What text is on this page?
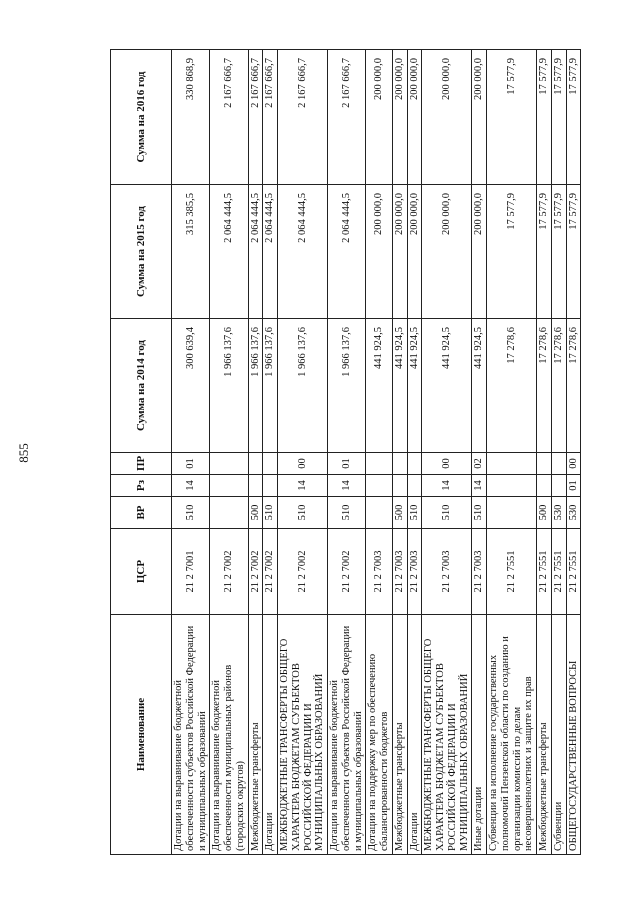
855
Наименование	ЦСР	ВР	Рз	ПР	Сумма на 2014 год	Сумма на 2015 год	Сумма на 2016 год
Дотации на выравнивание бюджетной обеспеченности субъектов Российской Федерации и муниципальных образований	21 2 7001	510	14	01	300 639,4	315 385,5	330 868,9
Дотации на выравнивание бюджетной обеспеченности муниципальных районов (городских округов)	21 2 7002				1 966 137,6	2 064 444,5	2 167 666,7
Межбюджетные трансферты	21 2 7002	500			1 966 137,6	2 064 444,5	2 167 666,7
Дотации	21 2 7002	510			1 966 137,6	2 064 444,5	2 167 666,7
МЕЖБЮДЖЕТНЫЕ ТРАНСФЕРТЫ ОБЩЕГО ХАРАКТЕРА БЮДЖЕТАМ СУБЪЕКТОВ РОССИЙСКОЙ ФЕДЕРАЦИИ И МУНИЦИПАЛЬНЫХ ОБРАЗОВАНИЙ	21 2 7002	510	14	00	1 966 137,6	2 064 444,5	2 167 666,7
Дотации на выравнивание бюджетной обеспеченности субъектов Российской Федерации и муниципальных образований	21 2 7002	510	14	01	1 966 137,6	2 064 444,5	2 167 666,7
Дотации на поддержку мер по обеспечению сбалансированности бюджетов	21 2 7003				441 924,5	200 000,0	200 000,0
Межбюджетные трансферты	21 2 7003	500			441 924,5	200 000,0	200 000,0
Дотации	21 2 7003	510			441 924,5	200 000,0	200 000,0
МЕЖБЮДЖЕТНЫЕ ТРАНСФЕРТЫ ОБЩЕГО ХАРАКТЕРА БЮДЖЕТАМ СУБЪЕКТОВ РОССИЙСКОЙ ФЕДЕРАЦИИ И МУНИЦИПАЛЬНЫХ ОБРАЗОВАНИЙ	21 2 7003	510	14	00	441 924,5	200 000,0	200 000,0
Иные дотации	21 2 7003	510	14	02	441 924,5	200 000,0	200 000,0
Субвенции на исполнение государственных полномочий Пензенской области по созданию и организации комиссий по делам несовершеннолетних и защите их прав	21 2 7551				17 278,6	17 577,9	17 577,9
Межбюджетные трансферты	21 2 7551	500			17 278,6	17 577,9	17 577,9
Субвенции	21 2 7551	530			17 278,6	17 577,9	17 577,9
ОБЩЕГОСУДАРСТВЕННЫЕ ВОПРОСЫ	21 2 7551	530	01	00	17 278,6	17 577,9	17 577,9
